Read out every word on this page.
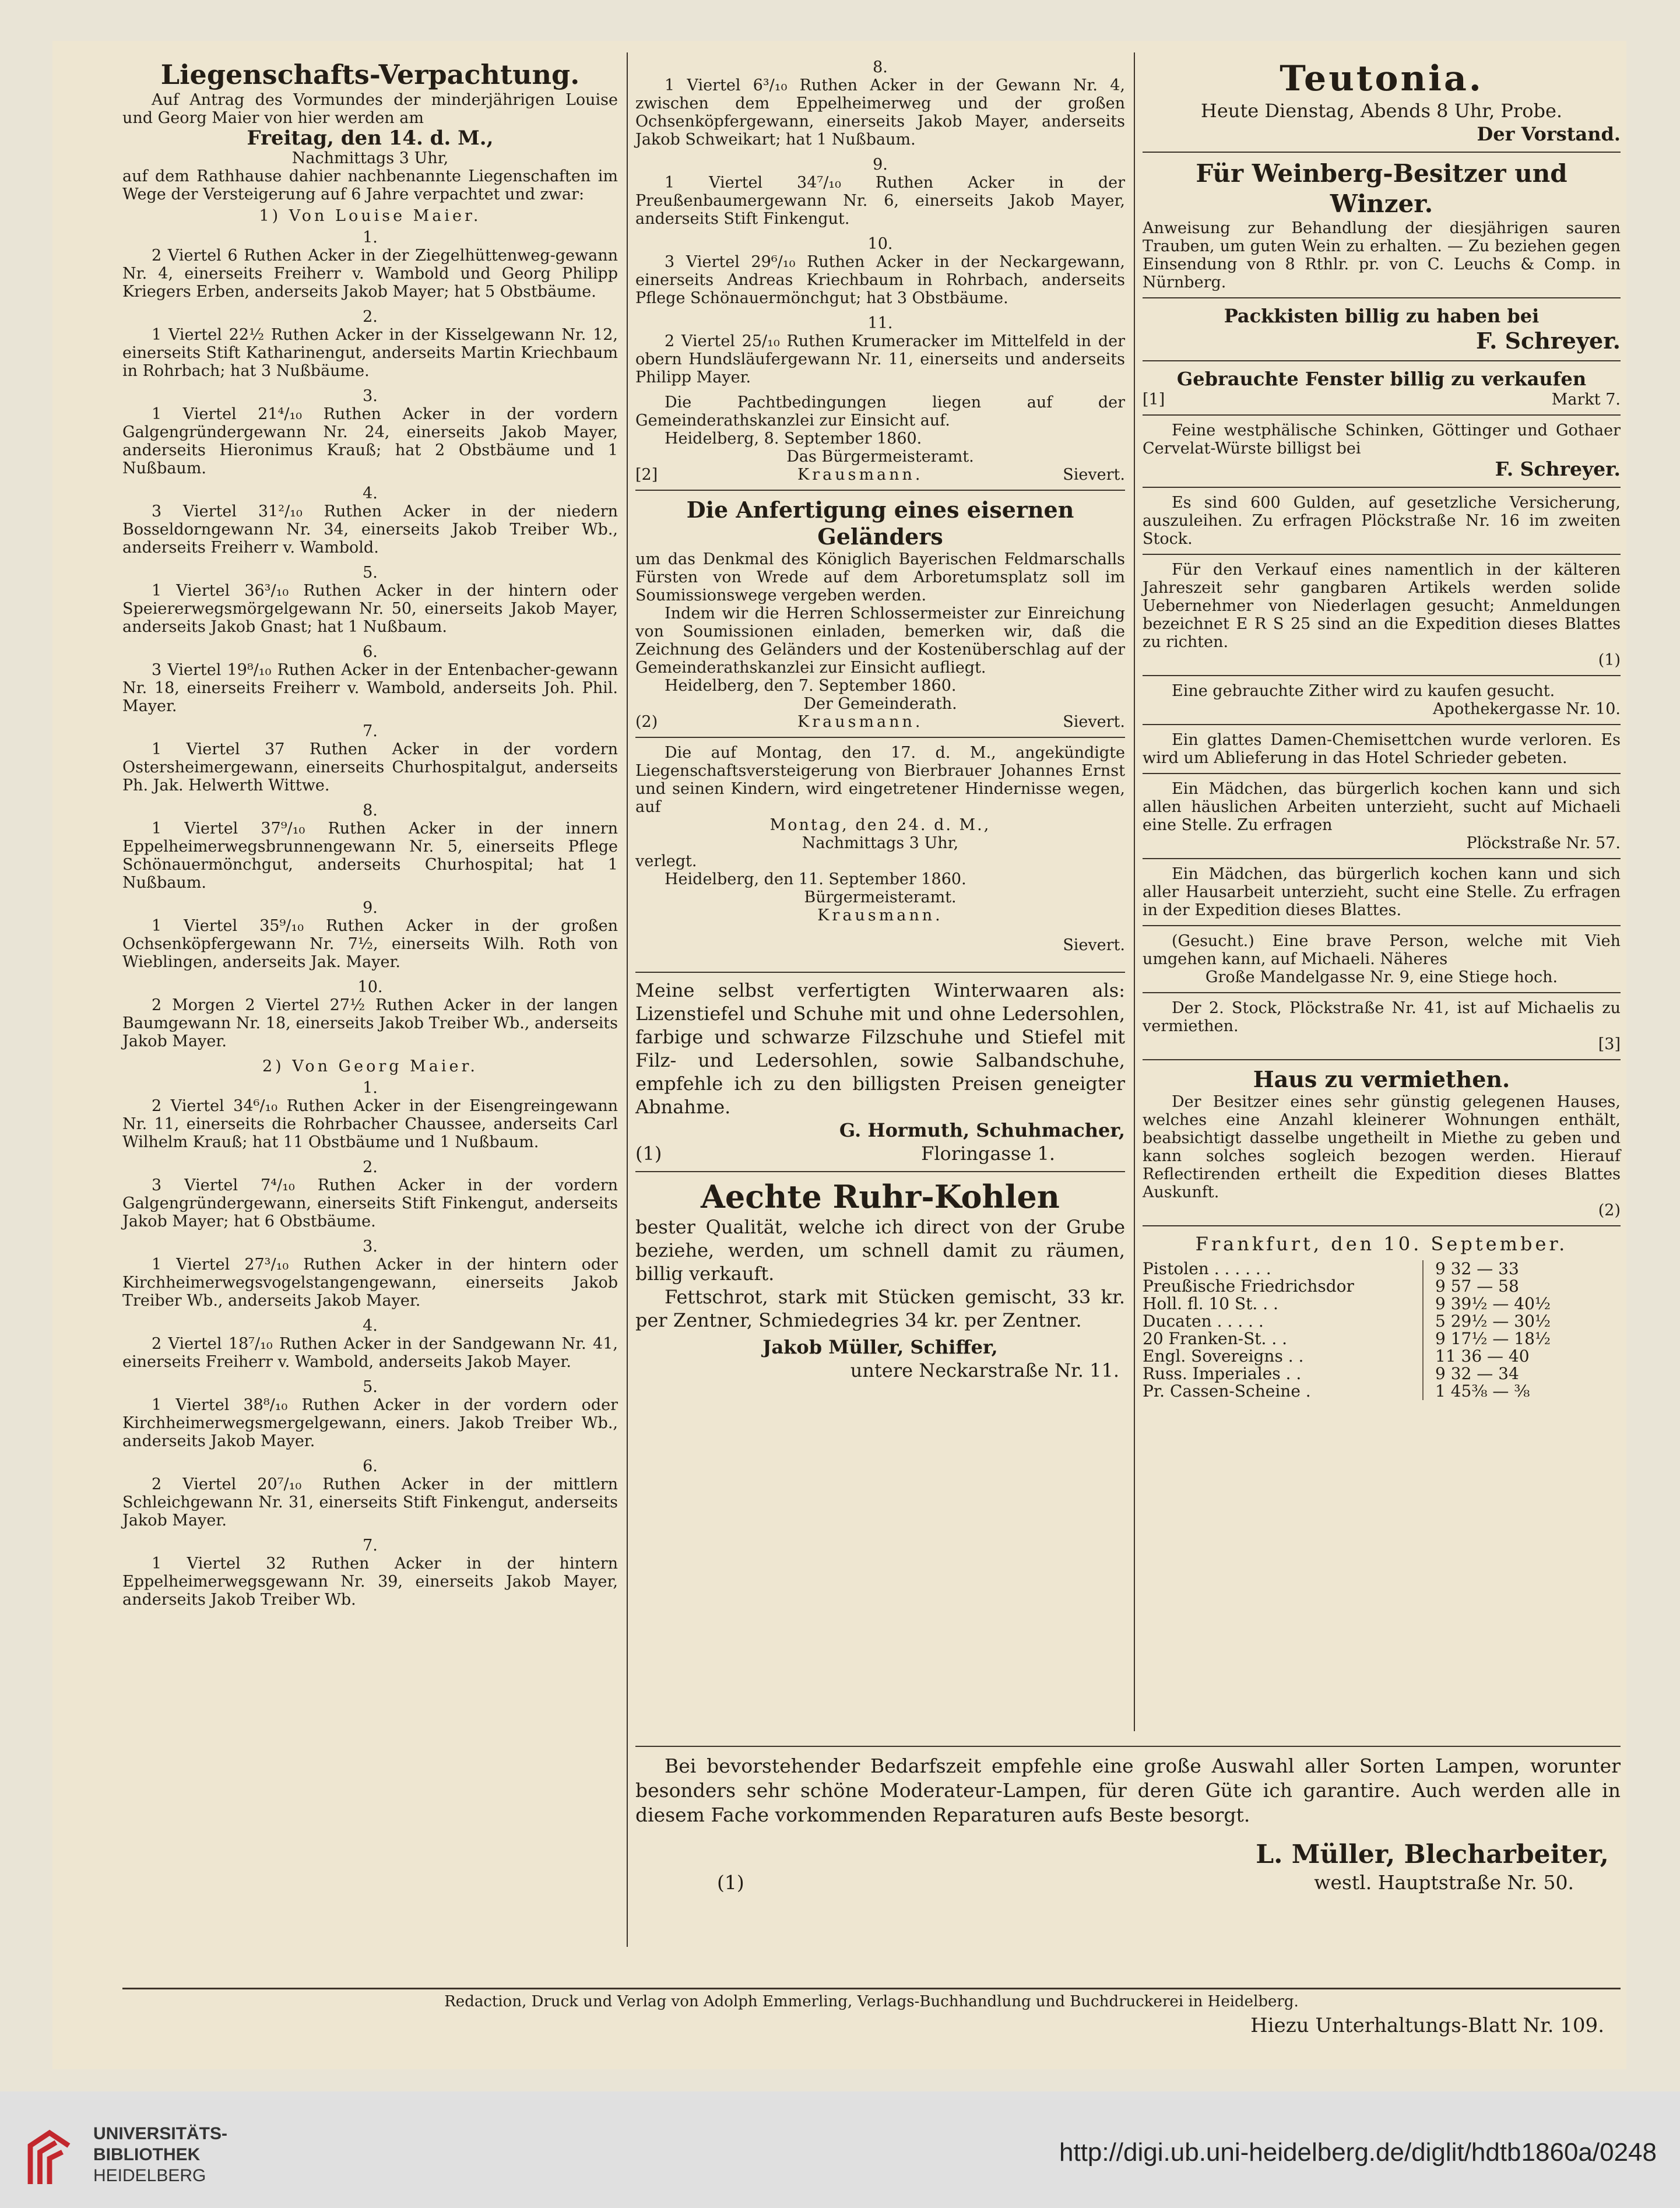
Liegenschafts-Verpachtung.
Auf Antrag des Vormundes der minderjährigen Louise und Georg Maier von hier werden am
Freitag, den 14. d. M.,
Nachmittags 3 Uhr,
auf dem Rathhause dahier nachbenannte Liegenschaften im Wege der Versteigerung auf 6 Jahre verpachtet und zwar:
1) Von Louise Maier.
1.
2 Viertel 6 Ruthen Acker in der Ziegelhüttenweg-gewann Nr. 4, einerseits Freiherr v. Wambold und Georg Philipp Kriegers Erben, anderseits Jakob Mayer; hat 5 Obstbäume.
2.
1 Viertel 22½ Ruthen Acker in der Kisselgewann Nr. 12, einerseits Stift Katharinengut, anderseits Martin Kriechbaum in Rohrbach; hat 3 Nußbäume.
3.
1 Viertel 21⁴/₁₀ Ruthen Acker in der vordern Galgengründergewann Nr. 24, einerseits Jakob Mayer, anderseits Hieronimus Krauß; hat 2 Obstbäume und 1 Nußbaum.
4.
3 Viertel 31²/₁₀ Ruthen Acker in der niedern Bosseldorngewann Nr. 34, einerseits Jakob Treiber Wb., anderseits Freiherr v. Wambold.
5.
1 Viertel 36³/₁₀ Ruthen Acker in der hintern oder Speiererwegsmörgelgewann Nr. 50, einerseits Jakob Mayer, anderseits Jakob Gnast; hat 1 Nußbaum.
6.
3 Viertel 19⁸/₁₀ Ruthen Acker in der Entenbacher-gewann Nr. 18, einerseits Freiherr v. Wambold, anderseits Joh. Phil. Mayer.
7.
1 Viertel 37 Ruthen Acker in der vordern Ostersheimergewann, einerseits Churhospitalgut, anderseits Ph. Jak. Helwerth Wittwe.
8.
1 Viertel 37⁹/₁₀ Ruthen Acker in der innern Eppelheimerwegsbrunnengewann Nr. 5, einerseits Pflege Schönauermönchgut, anderseits Churhospital; hat 1 Nußbaum.
9.
1 Viertel 35⁹/₁₀ Ruthen Acker in der großen Ochsenköpfergewann Nr. 7½, einerseits Wilh. Roth von Wieblingen, anderseits Jak. Mayer.
10.
2 Morgen 2 Viertel 27½ Ruthen Acker in der langen Baumgewann Nr. 18, einerseits Jakob Treiber Wb., anderseits Jakob Mayer.
2) Von Georg Maier.
1.
2 Viertel 34⁶/₁₀ Ruthen Acker in der Eisengreingewann Nr. 11, einerseits die Rohrbacher Chaussee, anderseits Carl Wilhelm Krauß; hat 11 Obstbäume und 1 Nußbaum.
2.
3 Viertel 7⁴/₁₀ Ruthen Acker in der vordern Galgengründergewann, einerseits Stift Finkengut, anderseits Jakob Mayer; hat 6 Obstbäume.
3.
1 Viertel 27³/₁₀ Ruthen Acker in der hintern oder Kirchheimerwegsvogelstangengewann, einerseits Jakob Treiber Wb., anderseits Jakob Mayer.
4.
2 Viertel 18⁷/₁₀ Ruthen Acker in der Sandgewann Nr. 41, einerseits Freiherr v. Wambold, anderseits Jakob Mayer.
5.
1 Viertel 38⁸/₁₀ Ruthen Acker in der vordern oder Kirchheimerwegsmergelgewann, einers. Jakob Treiber Wb., anderseits Jakob Mayer.
6.
2 Viertel 20⁷/₁₀ Ruthen Acker in der mittlern Schleichgewann Nr. 31, einerseits Stift Finkengut, anderseits Jakob Mayer.
7.
1 Viertel 32 Ruthen Acker in der hintern Eppelheimerwegsgewann Nr. 39, einerseits Jakob Mayer, anderseits Jakob Treiber Wb.
8.
1 Viertel 6³/₁₀ Ruthen Acker in der Gewann Nr. 4, zwischen dem Eppelheimerweg und der großen Ochsenköpfergewann, einerseits Jakob Mayer, anderseits Jakob Schweikart; hat 1 Nußbaum.
9.
1 Viertel 34⁷/₁₀ Ruthen Acker in der Preußenbaumergewann Nr. 6, einerseits Jakob Mayer, anderseits Stift Finkengut.
10.
3 Viertel 29⁶/₁₀ Ruthen Acker in der Neckargewann, einerseits Andreas Kriechbaum in Rohrbach, anderseits Pflege Schönauermönchgut; hat 3 Obstbäume.
11.
2 Viertel 25/₁₀ Ruthen Krumeracker im Mittelfeld in der obern Hundsläufergewann Nr. 11, einerseits und anderseits Philipp Mayer.
Die Pachtbedingungen liegen auf der Gemeinderathskanzlei zur Einsicht auf.
Heidelberg, 8. September 1860.
Das Bürgermeisteramt.
[2]	Krausmann.	Sievert.
Die Anfertigung eines eisernen
Geländers
um das Denkmal des Königlich Bayerischen Feldmarschalls Fürsten von Wrede auf dem Arboretumsplatz soll im Soumissionswege vergeben werden.
Indem wir die Herren Schlossermeister zur Einreichung von Soumissionen einladen, bemerken wir, daß die Zeichnung des Geländers und der Kostenüberschlag auf der Gemeinderathskanzlei zur Einsicht aufliegt.
Heidelberg, den 7. September 1860.
Der Gemeinderath.
(2)	Krausmann.	Sievert.
Die auf Montag, den 17. d. M., angekündigte Liegenschaftsversteigerung von Bierbrauer Johannes Ernst und seinen Kindern, wird eingetretener Hindernisse wegen, auf
Montag, den 24. d. M.,
Nachmittags 3 Uhr,
verlegt.
Heidelberg, den 11. September 1860.
Bürgermeisteramt.
Krausmann.
Sievert.
Meine selbst verfertigten Winterwaaren als: Lizenstiefel und Schuhe mit und ohne Ledersohlen, farbige und schwarze Filzschuhe und Stiefel mit Filz- und Ledersohlen, sowie Salbandschuhe, empfehle ich zu den billigsten Preisen geneigter Abnahme.
G. Hormuth, Schuhmacher,
(1)	Floringasse 1.
Aechte Ruhr-Kohlen
bester Qualität, welche ich direct von der Grube beziehe, werden, um schnell damit zu räumen, billig verkauft.
Fettschrot, stark mit Stücken gemischt, 33 kr. per Zentner, Schmiedegries 34 kr. per Zentner.
Jakob Müller, Schiffer,
untere Neckarstraße Nr. 11.
Teutonia.
Heute Dienstag, Abends 8 Uhr, Probe.
Der Vorstand.
Für Weinberg-Besitzer und Winzer.
Anweisung zur Behandlung der diesjährigen sauren Trauben, um guten Wein zu erhalten. — Zu beziehen gegen Einsendung von 8 Rthlr. pr. von C. Leuchs & Comp. in Nürnberg.
Packkisten billig zu haben bei
F. Schreyer.
Gebrauchte Fenster billig zu verkaufen
[1]	Markt 7.
Feine westphälische Schinken, Göttinger und Gothaer Cervelat-Würste billigst bei
F. Schreyer.
Es sind 600 Gulden, auf gesetzliche Versicherung, auszuleihen. Zu erfragen Plöckstraße Nr. 16 im zweiten Stock.
Für den Verkauf eines namentlich in der kälteren Jahreszeit sehr gangbaren Artikels werden solide Uebernehmer von Niederlagen gesucht; Anmeldungen bezeichnet E R S 25 sind an die Expedition dieses Blattes zu richten.
(1)
Eine gebrauchte Zither wird zu kaufen gesucht.
Apothekergasse Nr. 10.
Ein glattes Damen-Chemisettchen wurde verloren. Es wird um Ablieferung in das Hotel Schrieder gebeten.
Ein Mädchen, das bürgerlich kochen kann und sich allen häuslichen Arbeiten unterzieht, sucht auf Michaeli eine Stelle. Zu erfragen
Plöckstraße Nr. 57.
Ein Mädchen, das bürgerlich kochen kann und sich aller Hausarbeit unterzieht, sucht eine Stelle. Zu erfragen in der Expedition dieses Blattes.
(Gesucht.) Eine brave Person, welche mit Vieh umgehen kann, auf Michaeli. Näheres
Große Mandelgasse Nr. 9, eine Stiege hoch.
Der 2. Stock, Plöckstraße Nr. 41, ist auf Michaelis zu vermiethen.
[3]
Haus zu vermiethen.
Der Besitzer eines sehr günstig gelegenen Hauses, welches eine Anzahl kleinerer Wohnungen enthält, beabsichtigt dasselbe ungetheilt in Miethe zu geben und kann solches sogleich bezogen werden. Hierauf Reflectirenden ertheilt die Expedition dieses Blattes Auskunft.
(2)
Frankfurt, den 10. September.
Pistolen . . . . . .	9 32 — 33
Preußische Friedrichsdor	9 57 — 58
Holl. fl. 10 St. . .	9 39½ — 40½
Ducaten . . . . .	5 29½ — 30½
20 Franken-St. . .	9 17½ — 18½
Engl. Sovereigns . .	11 36 — 40
Russ. Imperiales . .	9 32 — 34
Pr. Cassen-Scheine .	1 45⅜ — ⅜
Bei bevorstehender Bedarfszeit empfehle eine große Auswahl aller Sorten Lampen, worunter besonders sehr schöne Moderateur-Lampen, für deren Güte ich garantire. Auch werden alle in diesem Fache vorkommenden Reparaturen aufs Beste besorgt.
L. Müller, Blecharbeiter,
(1)	westl. Hauptstraße Nr. 50.
Redaction, Druck und Verlag von Adolph Emmerling, Verlags-Buchhandlung und Buchdruckerei in Heidelberg.
Hiezu Unterhaltungs-Blatt Nr. 109.
UNIVERSITÄTS-
BIBLIOTHEK
HEIDELBERG
http://digi.ub.uni-heidelberg.de/diglit/hdtb1860a/0248
